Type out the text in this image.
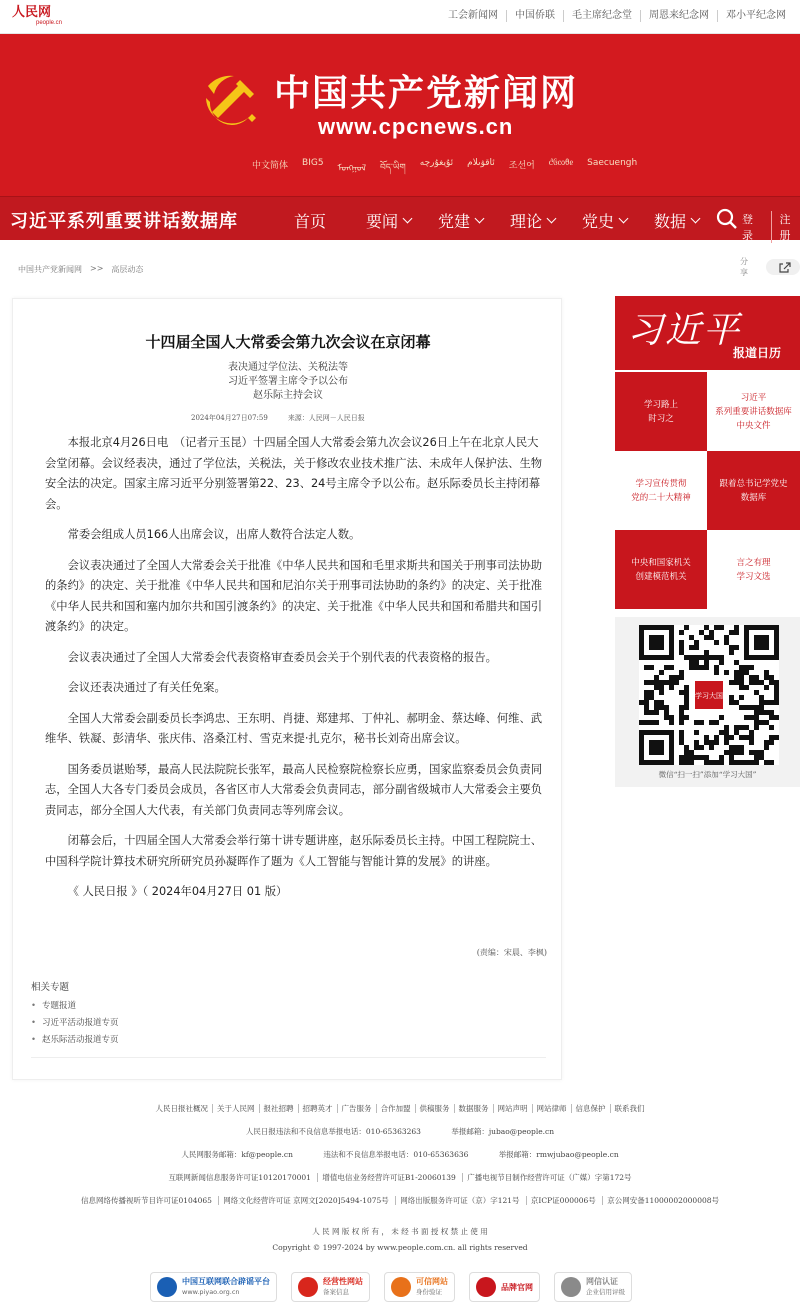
人民网
people.cn
工会新闻网	中国侨联	毛主席纪念堂	周恩来纪念网	邓小平纪念网
中国共产党新闻网
www.cpcnews.cn
中文简体 BIG5
ᠮᠣᠩᠭᠣᠯ བོད་ཡིག ئۇيغۇرچە ئاقۋىلام 조선어 ᦺᦑᦟᦹᧉ Saecuengh
习近平系列重要讲话数据库	首页 要闻 党建 理论 党史 数据	登录
注册
中国共产党新闻网 >> 高层动态
分享
十四届全国人大常委会第九次会议在京闭幕
表决通过学位法、关税法等
习近平签署主席令予以公布
赵乐际主持会议
2024年04月27日07:59	来源：人民网－人民日报

本报北京4月26日电　（记者亓玉昆）十四届全国人大常委会第九次会议26日上午在北京人民大会堂闭幕。会议经表决，通过了学位法，关税法，关于修改农业技术推广法、未成年人保护法、生物安全法的决定。国家主席习近平分别签署第22、23、24号主席令予以公布。赵乐际委员长主持闭幕会。

常委会组成人员166人出席会议，出席人数符合法定人数。

会议表决通过了全国人大常委会关于批准《中华人民共和国和毛里求斯共和国关于刑事司法协助的条约》的决定、关于批准《中华人民共和国和尼泊尔关于刑事司法协助的条约》的决定、关于批准《中华人民共和国和塞内加尔共和国引渡条约》的决定、关于批准《中华人民共和国和希腊共和国引渡条约》的决定。

会议表决通过了全国人大常委会代表资格审查委员会关于个别代表的代表资格的报告。

会议还表决通过了有关任免案。

全国人大常委会副委员长李鸿忠、王东明、肖捷、郑建邦、丁仲礼、郝明金、蔡达峰、何维、武维华、铁凝、彭清华、张庆伟、洛桑江村、雪克来提·扎克尔，秘书长刘奇出席会议。

国务委员谌贻琴，最高人民法院院长张军，最高人民检察院检察长应勇，国家监察委员会负责同志，全国人大各专门委员会成员，各省区市人大常委会负责同志，部分副省级城市人大常委会主要负责同志，部分全国人大代表，有关部门负责同志等列席会议。

闭幕会后，十四届全国人大常委会举行第十讲专题讲座，赵乐际委员长主持。中国工程院院士、中国科学院计算技术研究所研究员孙凝晖作了题为《人工智能与智能计算的发展》的讲座。

《 人民日报 》（ 2024年04月27日 01 版）

(责编：宋晨、李枫)
相关专题
• 专题报道
• 习近平活动报道专页
• 赵乐际活动报道专页
习近平
报道日历
学习路上
时习之
习近平
系列重要讲话数据库
中央文件
学习宣传贯彻
党的二十大精神
跟着总书记学党史
数据库
中央和国家机关
创建模范机关
言之有理
学习文选
学习大国
微信“扫一扫”添加“学习大国”
人民日报社概况 关于人民网 报社招聘 招聘英才 广告服务 合作加盟 供稿服务 数据服务 网站声明 网站律师 信息保护 联系我们
人民日报违法和不良信息举报电话：010-65363263	举报邮箱：jubao@people.cn
人民网服务邮箱：kf@people.cn	违法和不良信息举报电话：010-65363636	举报邮箱：rmwjubao@people.cn
互联网新闻信息服务许可证10120170001 增值电信业务经营许可证B1-20060139 广播电视节目制作经营许可证（广媒）字第172号
信息网络传播视听节目许可证0104065 网络文化经营许可证 京网文[2020]5494-1075号 网络出版服务许可证（京）字121号 京ICP证000006号 京公网安备11000002000008号
人 民 网 版 权 所 有 ， 未 经 书 面 授 权 禁 止 使 用
Copyright © 1997-2024 by www.people.com.cn. all rights reserved
中国互联网联合辟谣平台
www.piyao.org.cn
经营性网站
备案信息
可信网站
身份验证
品牌官网
网信认证
企业信用评级
